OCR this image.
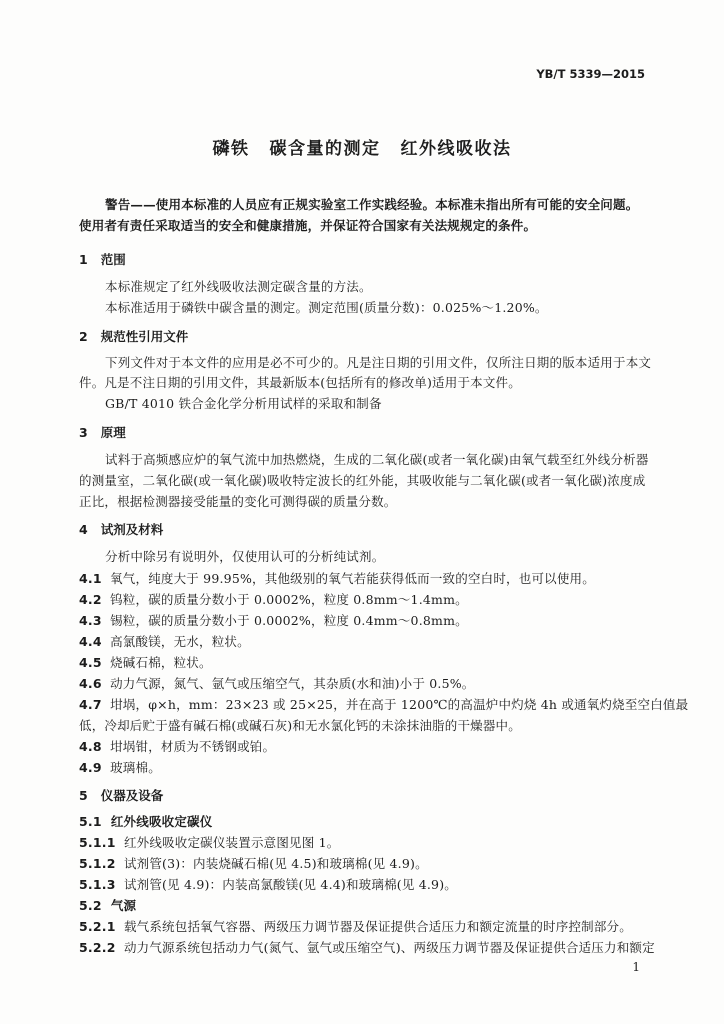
YB/T 5339—2015
磷铁 碳含量的测定 红外线吸收法
警告——使用本标准的人员应有正规实验室工作实践经验。本标准未指出所有可能的安全问题。
使用者有责任采取适当的安全和健康措施，并保证符合国家有关法规规定的条件。
1 范围
本标准规定了红外线吸收法测定碳含量的方法。
本标准适用于磷铁中碳含量的测定。测定范围(质量分数)：0.025%～1.20%。
2 规范性引用文件
下列文件对于本文件的应用是必不可少的。凡是注日期的引用文件，仅所注日期的版本适用于本文
件。凡是不注日期的引用文件，其最新版本(包括所有的修改单)适用于本文件。
GB/T 4010 铁合金化学分析用试样的采取和制备
3 原理
试料于高频感应炉的氧气流中加热燃烧，生成的二氧化碳(或者一氧化碳)由氧气载至红外线分析器
的测量室，二氧化碳(或一氧化碳)吸收特定波长的红外能，其吸收能与二氧化碳(或者一氧化碳)浓度成
正比，根据检测器接受能量的变化可测得碳的质量分数。
4 试剂及材料
分析中除另有说明外，仅使用认可的分析纯试剂。
4.1 氧气，纯度大于 99.95%，其他级别的氧气若能获得低而一致的空白时，也可以使用。
4.2 钨粒，碳的质量分数小于 0.0002%，粒度 0.8mm～1.4mm。
4.3 锡粒，碳的质量分数小于 0.0002%，粒度 0.4mm～0.8mm。
4.4 高氯酸镁，无水，粒状。
4.5 烧碱石棉，粒状。
4.6 动力气源，氮气、氩气或压缩空气，其杂质(水和油)小于 0.5%。
4.7 坩埚，φ×h，mm：23×23 或 25×25，并在高于 1200℃的高温炉中灼烧 4h 或通氧灼烧至空白值最
低，冷却后贮于盛有碱石棉(或碱石灰)和无水氯化钙的未涂抹油脂的干燥器中。
4.8 坩埚钳，材质为不锈钢或铂。
4.9 玻璃棉。
5 仪器及设备
5.1 红外线吸收定碳仪
5.1.1 红外线吸收定碳仪装置示意图见图 1。
5.1.2 试剂管(3)：内装烧碱石棉(见 4.5)和玻璃棉(见 4.9)。
5.1.3 试剂管(见 4.9)：内装高氯酸镁(见 4.4)和玻璃棉(见 4.9)。
5.2 气源
5.2.1 载气系统包括氧气容器、两级压力调节器及保证提供合适压力和额定流量的时序控制部分。
5.2.2 动力气源系统包括动力气(氮气、氩气或压缩空气)、两级压力调节器及保证提供合适压力和额定
1
